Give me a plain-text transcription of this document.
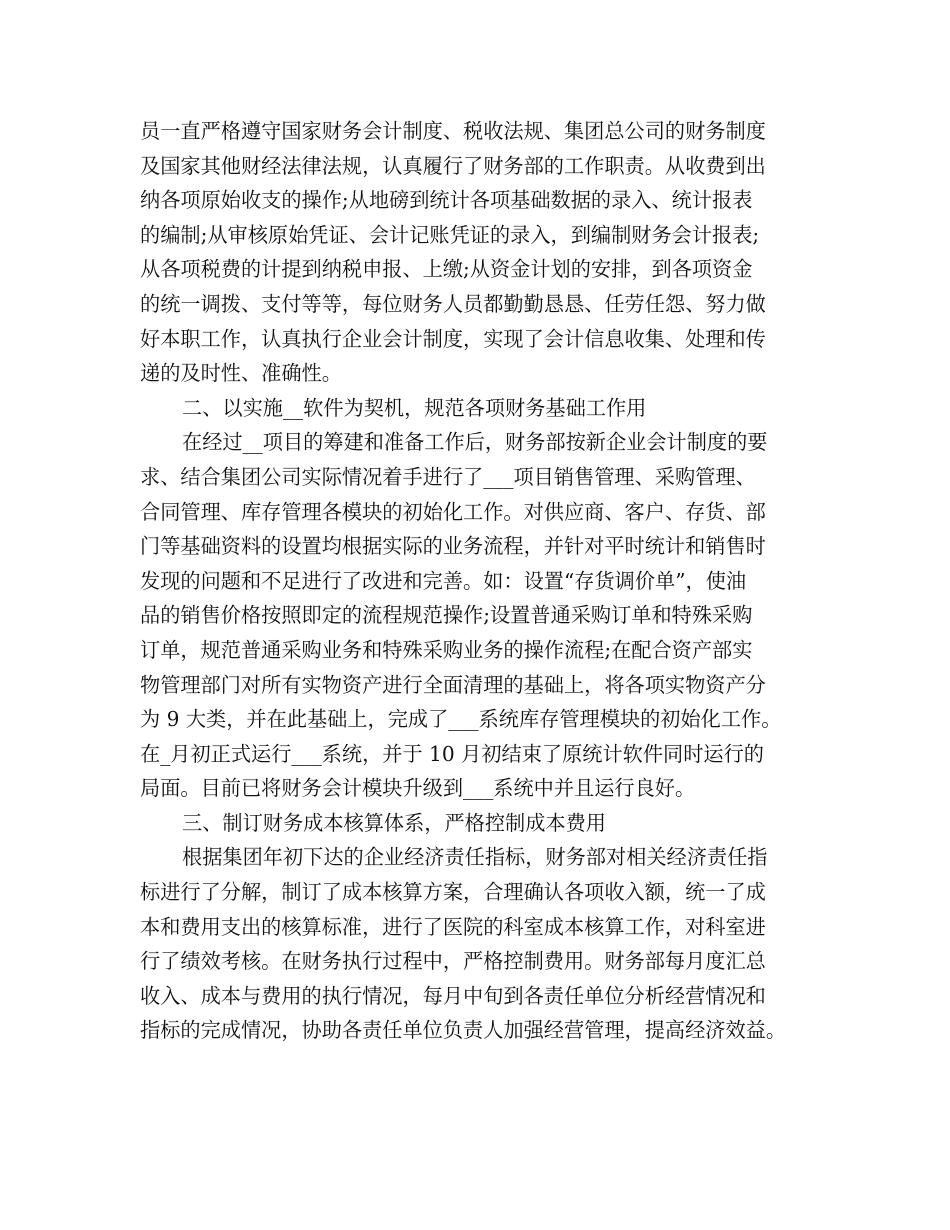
员一直严格遵守国家财务会计制度、税收法规、集团总公司的财务制度
及国家其他财经法律法规，认真履行了财务部的工作职责。从收费到出
纳各项原始收支的操作;从地磅到统计各项基础数据的录入、统计报表
的编制;从审核原始凭证、会计记账凭证的录入，到编制财务会计报表;
从各项税费的计提到纳税申报、上缴;从资金计划的安排，到各项资金
的统一调拨、支付等等，每位财务人员都勤勤恳恳、任劳任怨、努力做
好本职工作，认真执行企业会计制度，实现了会计信息收集、处理和传
递的及时性、准确性。
二、以实施__软件为契机，规范各项财务基础工作用
在经过__项目的筹建和准备工作后，财务部按新企业会计制度的要
求、结合集团公司实际情况着手进行了___项目销售管理、采购管理、
合同管理、库存管理各模块的初始化工作。对供应商、客户、存货、部
门等基础资料的设置均根据实际的业务流程，并针对平时统计和销售时
发现的问题和不足进行了改进和完善。如：设置“存货调价单”，使油
品的销售价格按照即定的流程规范操作;设置普通采购订单和特殊采购
订单，规范普通采购业务和特殊采购业务的操作流程;在配合资产部实
物管理部门对所有实物资产进行全面清理的基础上，将各项实物资产分
为 9 大类，并在此基础上，完成了___系统库存管理模块的初始化工作。
在_月初正式运行___系统，并于 10 月初结束了原统计软件同时运行的
局面。目前已将财务会计模块升级到___系统中并且运行良好。
三、制订财务成本核算体系，严格控制成本费用
根据集团年初下达的企业经济责任指标，财务部对相关经济责任指
标进行了分解，制订了成本核算方案，合理确认各项收入额，统一了成
本和费用支出的核算标准，进行了医院的科室成本核算工作，对科室进
行了绩效考核。在财务执行过程中，严格控制费用。财务部每月度汇总
收入、成本与费用的执行情况，每月中旬到各责任单位分析经营情况和
指标的完成情况，协助各责任单位负责人加强经营管理，提高经济效益。
